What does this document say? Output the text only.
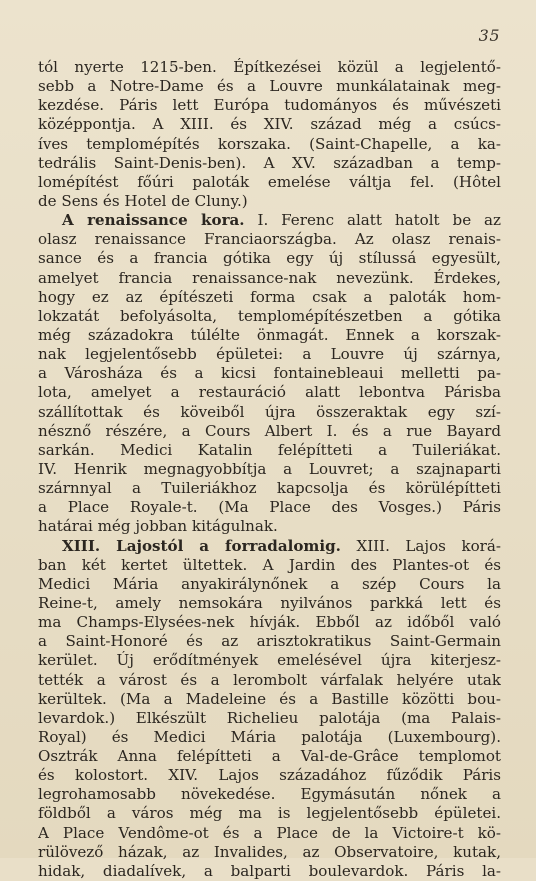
35
tól nyerte 1215-ben. Építkezései közül a legjelentő-
sebb a Notre-Dame és a Louvre munkálatainak meg-
kezdése. Páris lett Európa tudományos és művészeti
középpontja. A XIII. és XIV. század még a csúcs-
íves templomépítés korszaka. (Saint-Chapelle, a ka-
tedrális Saint-Denis-ben). A XV. században a temp-
lomépítést főúri paloták emelése váltja fel. (Hôtel
de Sens és Hotel de Cluny.)
A renaissance kora. I. Ferenc alatt hatolt be az
olasz renaissance Franciaországba. Az olasz renais-
sance és a francia gótika egy új stílussá egyesült,
amelyet francia renaissance-nak nevezünk. Érdekes,
hogy ez az építészeti forma csak a paloták hom-
lokzatát befolyásolta, templomépítészetben a gótika
még századokra túlélte önmagát. Ennek a korszak-
nak legjelentősebb épületei: a Louvre új szárnya,
a Városháza és a kicsi fontainebleaui melletti pa-
lota, amelyet a restauráció alatt lebontva Párisba
szállítottak és köveiből újra összeraktak egy szí-
nésznő részére, a Cours Albert I. és a rue Bayard
sarkán. Medici Katalin felépítteti a Tuileriákat.
IV. Henrik megnagyobbítja a Louvret; a szajnaparti
szárnnyal a Tuileriákhoz kapcsolja és körülépítteti
a Place Royale-t. (Ma Place des Vosges.) Páris
határai még jobban kitágulnak.
XIII. Lajostól a forradalomig. XIII. Lajos korá-
ban két kertet ültettek. A Jardin des Plantes-ot és
Medici Mária anyakirálynőnek a szép Cours la
Reine-t, amely nemsokára nyilvános parkká lett és
ma Champs-Elysées-nek hívják. Ebből az időből való
a Saint-Honoré és az arisztokratikus Saint-Germain
kerület. Új erődítmények emelésével újra kiterjesz-
tették a várost és a lerombolt várfalak helyére utak
kerültek. (Ma a Madeleine és a Bastille közötti bou-
levardok.) Elkészült Richelieu palotája (ma Palais-
Royal) és Medici Mária palotája (Luxembourg).
Osztrák Anna felépítteti a Val-de-Grâce templomot
és kolostort. XIV. Lajos századához fűződik Páris
legrohamosabb növekedése. Egymásután nőnek a
földből a város még ma is legjelentősebb épületei.
A Place Vendôme-ot és a Place de la Victoire-t kö-
rülövező házak, az Invalides, az Observatoire, kutak,
hidak, diadalívek, a balparti boulevardok. Páris la-
